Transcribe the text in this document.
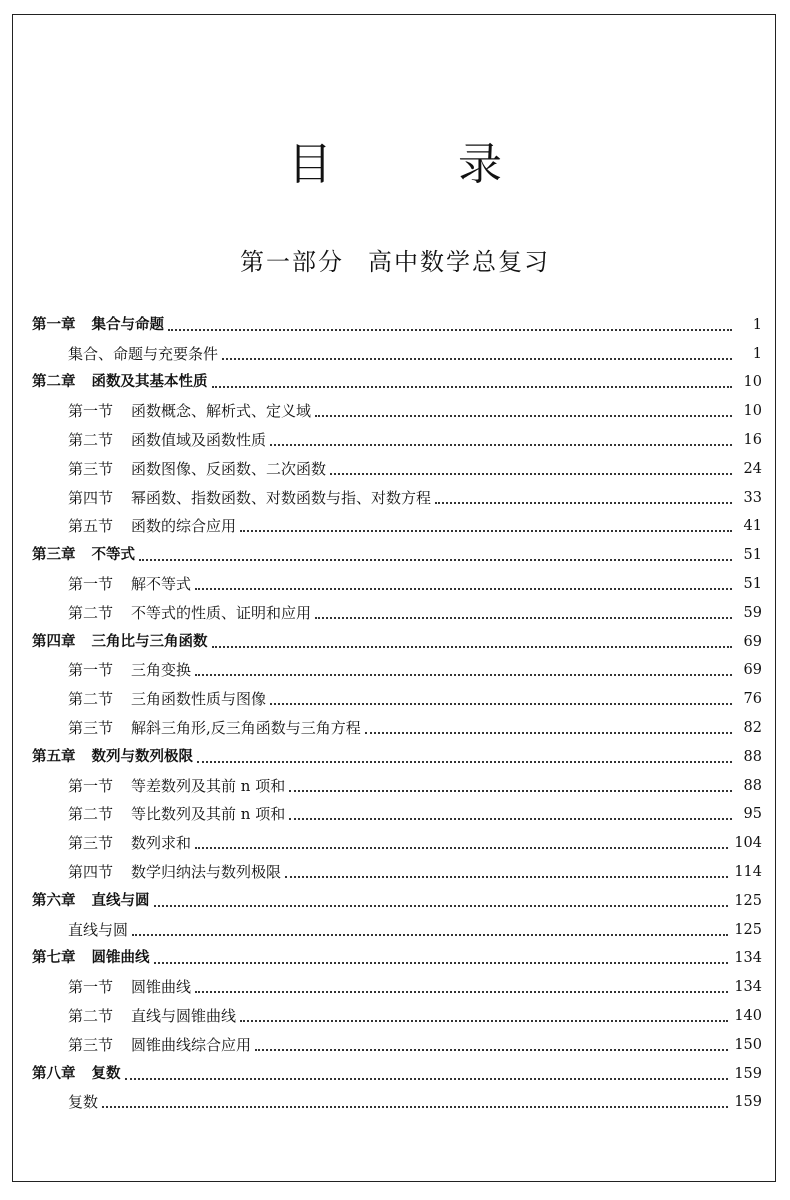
目 录
第一部分 高中数学总复习
第一章 集合与命题	1
集合、命题与充要条件	1
第二章 函数及其基本性质	10
第一节 函数概念、解析式、定义域	10
第二节 函数值域及函数性质	16
第三节 函数图像、反函数、二次函数	24
第四节 幂函数、指数函数、对数函数与指、对数方程	33
第五节 函数的综合应用	41
第三章 不等式	51
第一节 解不等式	51
第二节 不等式的性质、证明和应用	59
第四章 三角比与三角函数	69
第一节 三角变换	69
第二节 三角函数性质与图像	76
第三节 解斜三角形,反三角函数与三角方程	82
第五章 数列与数列极限	88
第一节 等差数列及其前 n 项和	88
第二节 等比数列及其前 n 项和	95
第三节 数列求和	104
第四节 数学归纳法与数列极限	114
第六章 直线与圆	125
直线与圆	125
第七章 圆锥曲线	134
第一节 圆锥曲线	134
第二节 直线与圆锥曲线	140
第三节 圆锥曲线综合应用	150
第八章 复数	159
复数	159
